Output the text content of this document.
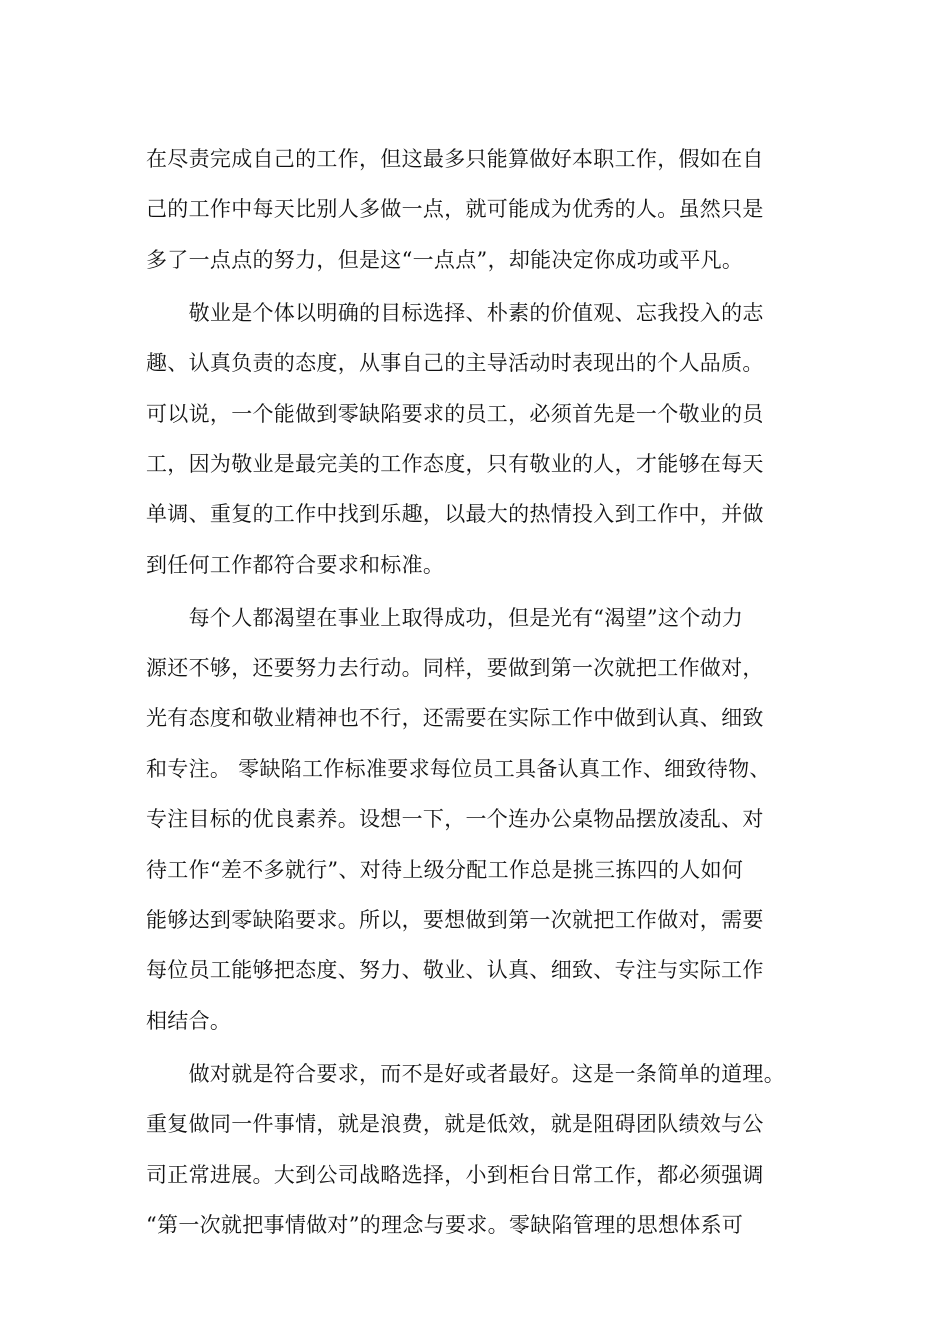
在尽责完成自己的工作，但这最多只能算做好本职工作，假如在自
己的工作中每天比别人多做一点，就可能成为优秀的人。虽然只是
多了一点点的努力，但是这“一点点”，却能决定你成功或平凡。
　　敬业是个体以明确的目标选择、朴素的价值观、忘我投入的志
趣、认真负责的态度，从事自己的主导活动时表现出的个人品质。
可以说，一个能做到零缺陷要求的员工，必须首先是一个敬业的员
工，因为敬业是最完美的工作态度，只有敬业的人，才能够在每天
单调、重复的工作中找到乐趣，以最大的热情投入到工作中，并做
到任何工作都符合要求和标准。
　　每个人都渴望在事业上取得成功，但是光有“渴望”这个动力
源还不够，还要努力去行动。同样，要做到第一次就把工作做对，
光有态度和敬业精神也不行，还需要在实际工作中做到认真、细致
和专注。 零缺陷工作标准要求每位员工具备认真工作、细致待物、
专注目标的优良素养。设想一下，一个连办公桌物品摆放凌乱、对
待工作“差不多就行”、对待上级分配工作总是挑三拣四的人如何
能够达到零缺陷要求。所以，要想做到第一次就把工作做对，需要
每位员工能够把态度、努力、敬业、认真、细致、专注与实际工作
相结合。
　　做对就是符合要求，而不是好或者最好。这是一条简单的道理。
重复做同一件事情，就是浪费，就是低效，就是阻碍团队绩效与公
司正常进展。大到公司战略选择，小到柜台日常工作，都必须强调
“第一次就把事情做对”的理念与要求。零缺陷管理的思想体系可
